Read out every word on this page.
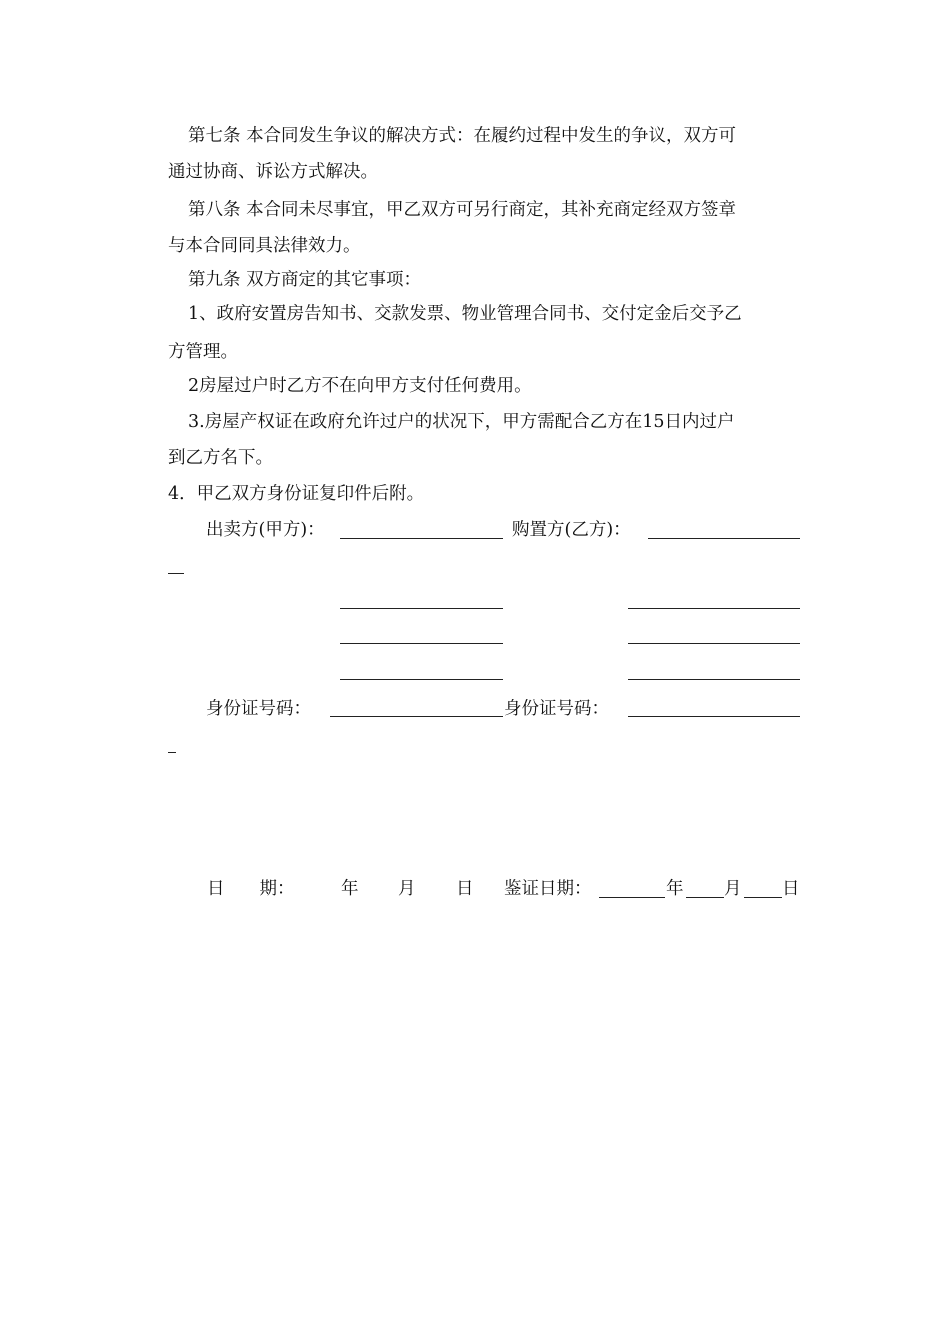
第七条 本合同发生争议的解决方式：在履约过程中发生的争议，双方可
通过协商、诉讼方式解决。
第八条 本合同未尽事宜，甲乙双方可另行商定，其补充商定经双方签章
与本合同同具法律效力。
第九条 双方商定的其它事项：
1、政府安置房告知书、交款发票、物业管理合同书、交付定金后交予乙
方管理。
2房屋过户时乙方不在向甲方支付任何费用。
3.房屋产权证在政府允许过户的状况下，甲方需配合乙方在15日内过户
到乙方名下。
4．甲乙双方身份证复印件后附。
出卖方(甲方)：	购置方(乙方)：
身份证号码：	身份证号码：
日　　期：	年 月 日 鉴证日期：	年 月 日
